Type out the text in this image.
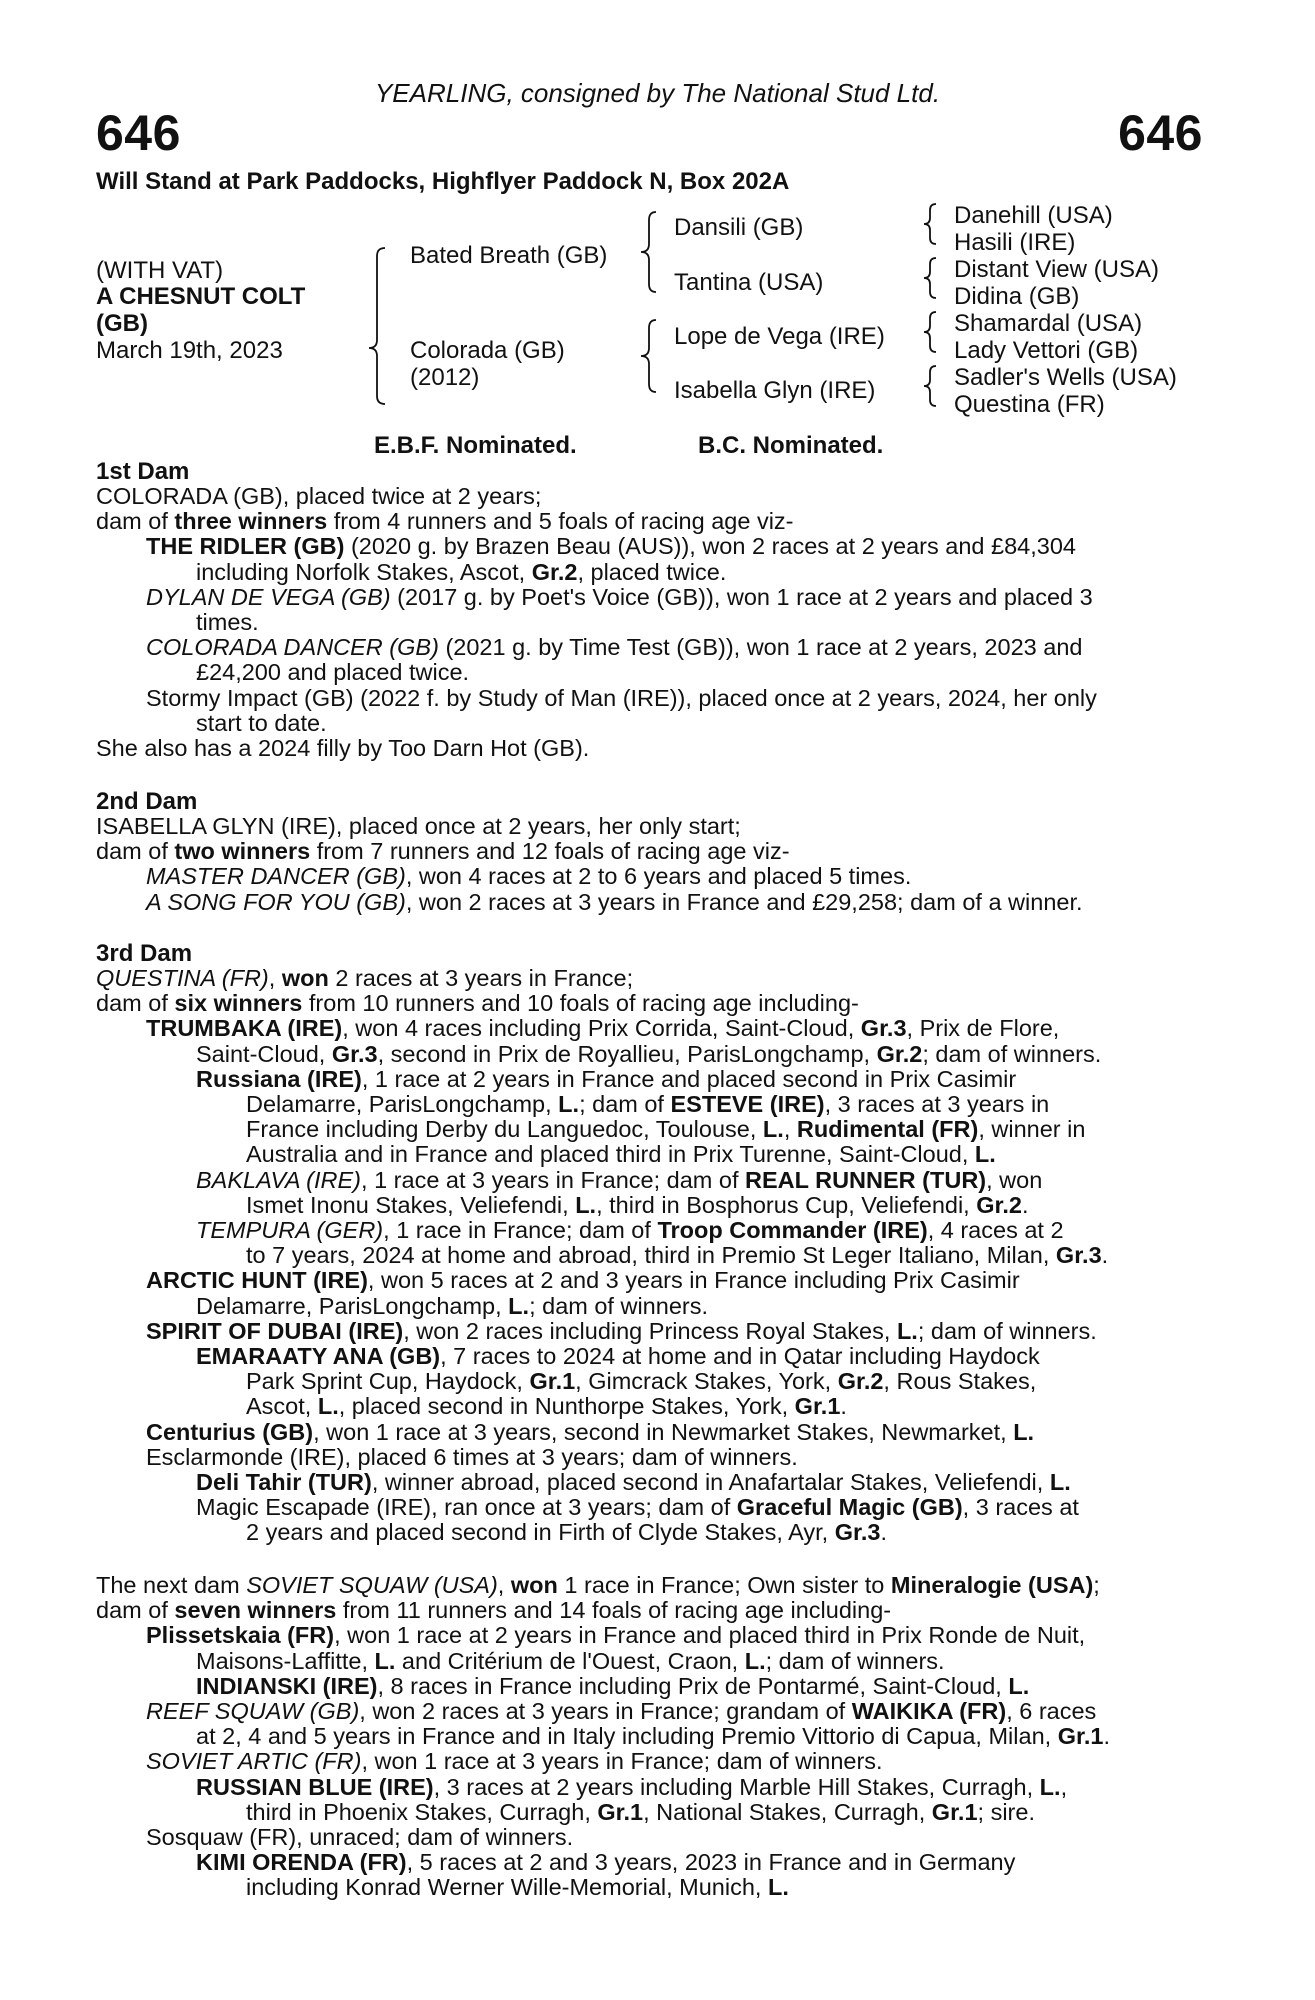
YEARLING, consigned by The National Stud Ltd.
646	646
Will Stand at Park Paddocks, Highflyer Paddock N, Box 202A
(WITH VAT)
A CHESNUT COLT
(GB)
March 19th, 2023
Bated Breath (GB)
Colorada (GB)
(2012)
Dansili (GB)
Tantina (USA)
Lope de Vega (IRE)
Isabella Glyn (IRE)
Danehill (USA)
Hasili (IRE)
Distant View (USA)
Didina (GB)
Shamardal (USA)
Lady Vettori (GB)
Sadler's Wells (USA)
Questina (FR)
E.B.F. Nominated.	B.C. Nominated.
1st Dam
2nd Dam
3rd Dam
COLORADA (GB), placed twice at 2 years;
dam of three winners from 4 runners and 5 foals of racing age viz-
THE RIDLER (GB) (2020 g. by Brazen Beau (AUS)), won 2 races at 2 years and £84,304
including Norfolk Stakes, Ascot, Gr.2, placed twice.
DYLAN DE VEGA (GB) (2017 g. by Poet's Voice (GB)), won 1 race at 2 years and placed 3
times.
COLORADA DANCER (GB) (2021 g. by Time Test (GB)), won 1 race at 2 years, 2023 and
£24,200 and placed twice.
Stormy Impact (GB) (2022 f. by Study of Man (IRE)), placed once at 2 years, 2024, her only
start to date.
She also has a 2024 filly by Too Darn Hot (GB).
ISABELLA GLYN (IRE), placed once at 2 years, her only start;
dam of two winners from 7 runners and 12 foals of racing age viz-
MASTER DANCER (GB), won 4 races at 2 to 6 years and placed 5 times.
A SONG FOR YOU (GB), won 2 races at 3 years in France and £29,258; dam of a winner.
QUESTINA (FR), won 2 races at 3 years in France;
dam of six winners from 10 runners and 10 foals of racing age including-
TRUMBAKA (IRE), won 4 races including Prix Corrida, Saint-Cloud, Gr.3, Prix de Flore,
Saint-Cloud, Gr.3, second in Prix de Royallieu, ParisLongchamp, Gr.2; dam of winners.
Russiana (IRE), 1 race at 2 years in France and placed second in Prix Casimir
Delamarre, ParisLongchamp, L.; dam of ESTEVE (IRE), 3 races at 3 years in
France including Derby du Languedoc, Toulouse, L., Rudimental (FR), winner in
Australia and in France and placed third in Prix Turenne, Saint-Cloud, L.
BAKLAVA (IRE), 1 race at 3 years in France; dam of REAL RUNNER (TUR), won
Ismet Inonu Stakes, Veliefendi, L., third in Bosphorus Cup, Veliefendi, Gr.2.
TEMPURA (GER), 1 race in France; dam of Troop Commander (IRE), 4 races at 2
to 7 years, 2024 at home and abroad, third in Premio St Leger Italiano, Milan, Gr.3.
ARCTIC HUNT (IRE), won 5 races at 2 and 3 years in France including Prix Casimir
Delamarre, ParisLongchamp, L.; dam of winners.
SPIRIT OF DUBAI (IRE), won 2 races including Princess Royal Stakes, L.; dam of winners.
EMARAATY ANA (GB), 7 races to 2024 at home and in Qatar including Haydock
Park Sprint Cup, Haydock, Gr.1, Gimcrack Stakes, York, Gr.2, Rous Stakes,
Ascot, L., placed second in Nunthorpe Stakes, York, Gr.1.
Centurius (GB), won 1 race at 3 years, second in Newmarket Stakes, Newmarket, L.
Esclarmonde (IRE), placed 6 times at 3 years; dam of winners.
Deli Tahir (TUR), winner abroad, placed second in Anafartalar Stakes, Veliefendi, L.
Magic Escapade (IRE), ran once at 3 years; dam of Graceful Magic (GB), 3 races at
2 years and placed second in Firth of Clyde Stakes, Ayr, Gr.3.
The next dam SOVIET SQUAW (USA), won 1 race in France; Own sister to Mineralogie (USA);
dam of seven winners from 11 runners and 14 foals of racing age including-
Plissetskaia (FR), won 1 race at 2 years in France and placed third in Prix Ronde de Nuit,
Maisons-Laffitte, L. and Critérium de l'Ouest, Craon, L.; dam of winners.
INDIANSKI (IRE), 8 races in France including Prix de Pontarmé, Saint-Cloud, L.
REEF SQUAW (GB), won 2 races at 3 years in France; grandam of WAIKIKA (FR), 6 races
at 2, 4 and 5 years in France and in Italy including Premio Vittorio di Capua, Milan, Gr.1.
SOVIET ARTIC (FR), won 1 race at 3 years in France; dam of winners.
RUSSIAN BLUE (IRE), 3 races at 2 years including Marble Hill Stakes, Curragh, L.,
third in Phoenix Stakes, Curragh, Gr.1, National Stakes, Curragh, Gr.1; sire.
Sosquaw (FR), unraced; dam of winners.
KIMI ORENDA (FR), 5 races at 2 and 3 years, 2023 in France and in Germany
including Konrad Werner Wille-Memorial, Munich, L.
